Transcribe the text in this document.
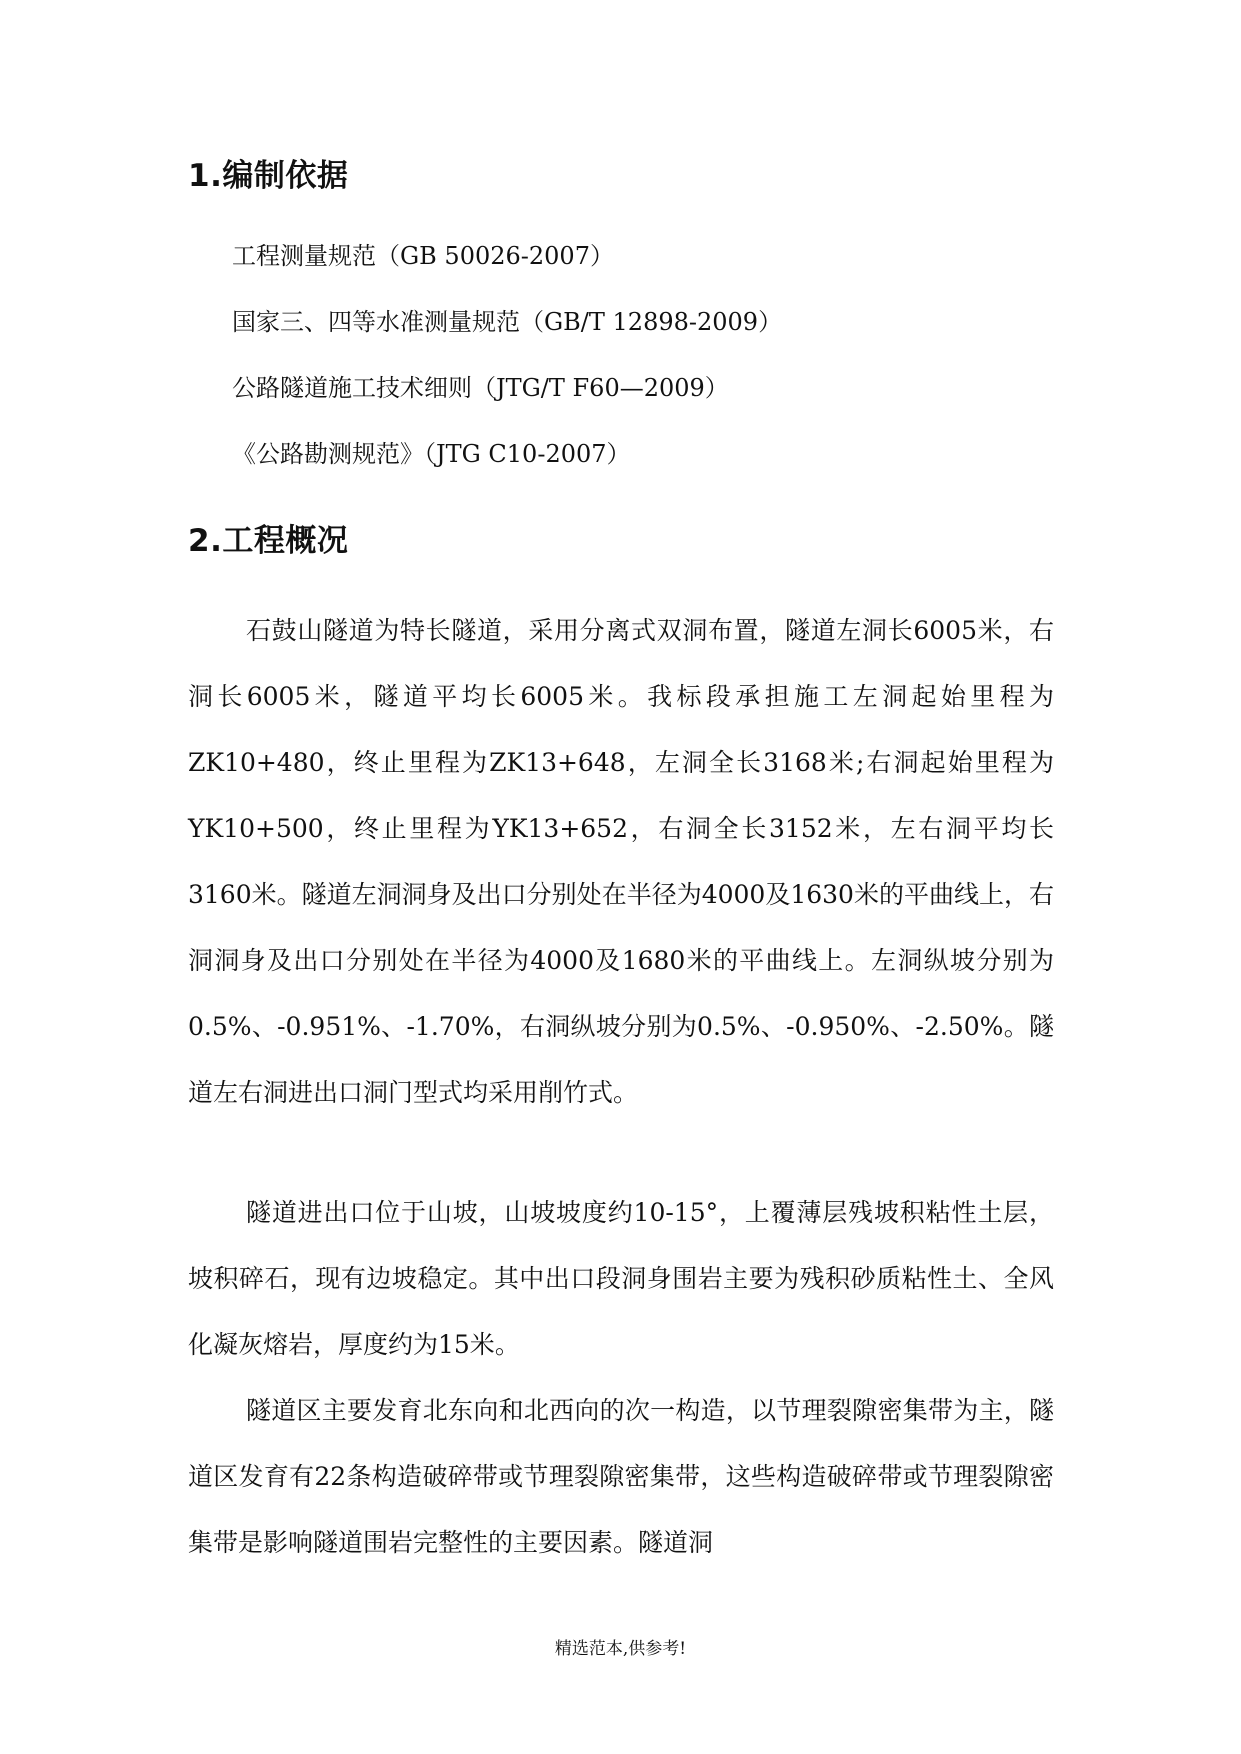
1.编制依据
工程测量规范（GB 50026-2007）
国家三、四等水准测量规范（GB/T 12898-2009）
公路隧道施工技术细则（JTG/T F60—2009）
《公路勘测规范》（JTG C10-2007）
2.工程概况

石鼓山隧道为特长隧道，采用分离式双洞布置，隧道左洞长6005米，右洞长6005米，隧道平均长6005米。我标段承担施工左洞起始里程为ZK10+480，终止里程为ZK13+648，左洞全长3168米;右洞起始里程为YK10+500，终止里程为YK13+652，右洞全长3152米，左右洞平均长3160米。隧道左洞洞身及出口分别处在半径为4000及1630米的平曲线上，右洞洞身及出口分别处在半径为4000及1680米的平曲线上。左洞纵坡分别为0.5%、-0.951%、-1.70%，右洞纵坡分别为0.5%、-0.950%、-2.50%。隧道左右洞进出口洞门型式均采用削竹式。

隧道进出口位于山坡，山坡坡度约10-15°，上覆薄层残坡积粘性土层，坡积碎石，现有边坡稳定。其中出口段洞身围岩主要为残积砂质粘性土、全风化凝灰熔岩，厚度约为15米。

隧道区主要发育北东向和北西向的次一构造，以节理裂隙密集带为主，隧道区发育有22条构造破碎带或节理裂隙密集带，这些构造破碎带或节理裂隙密集带是影响隧道围岩完整性的主要因素。隧道洞

精选范本,供参考!
